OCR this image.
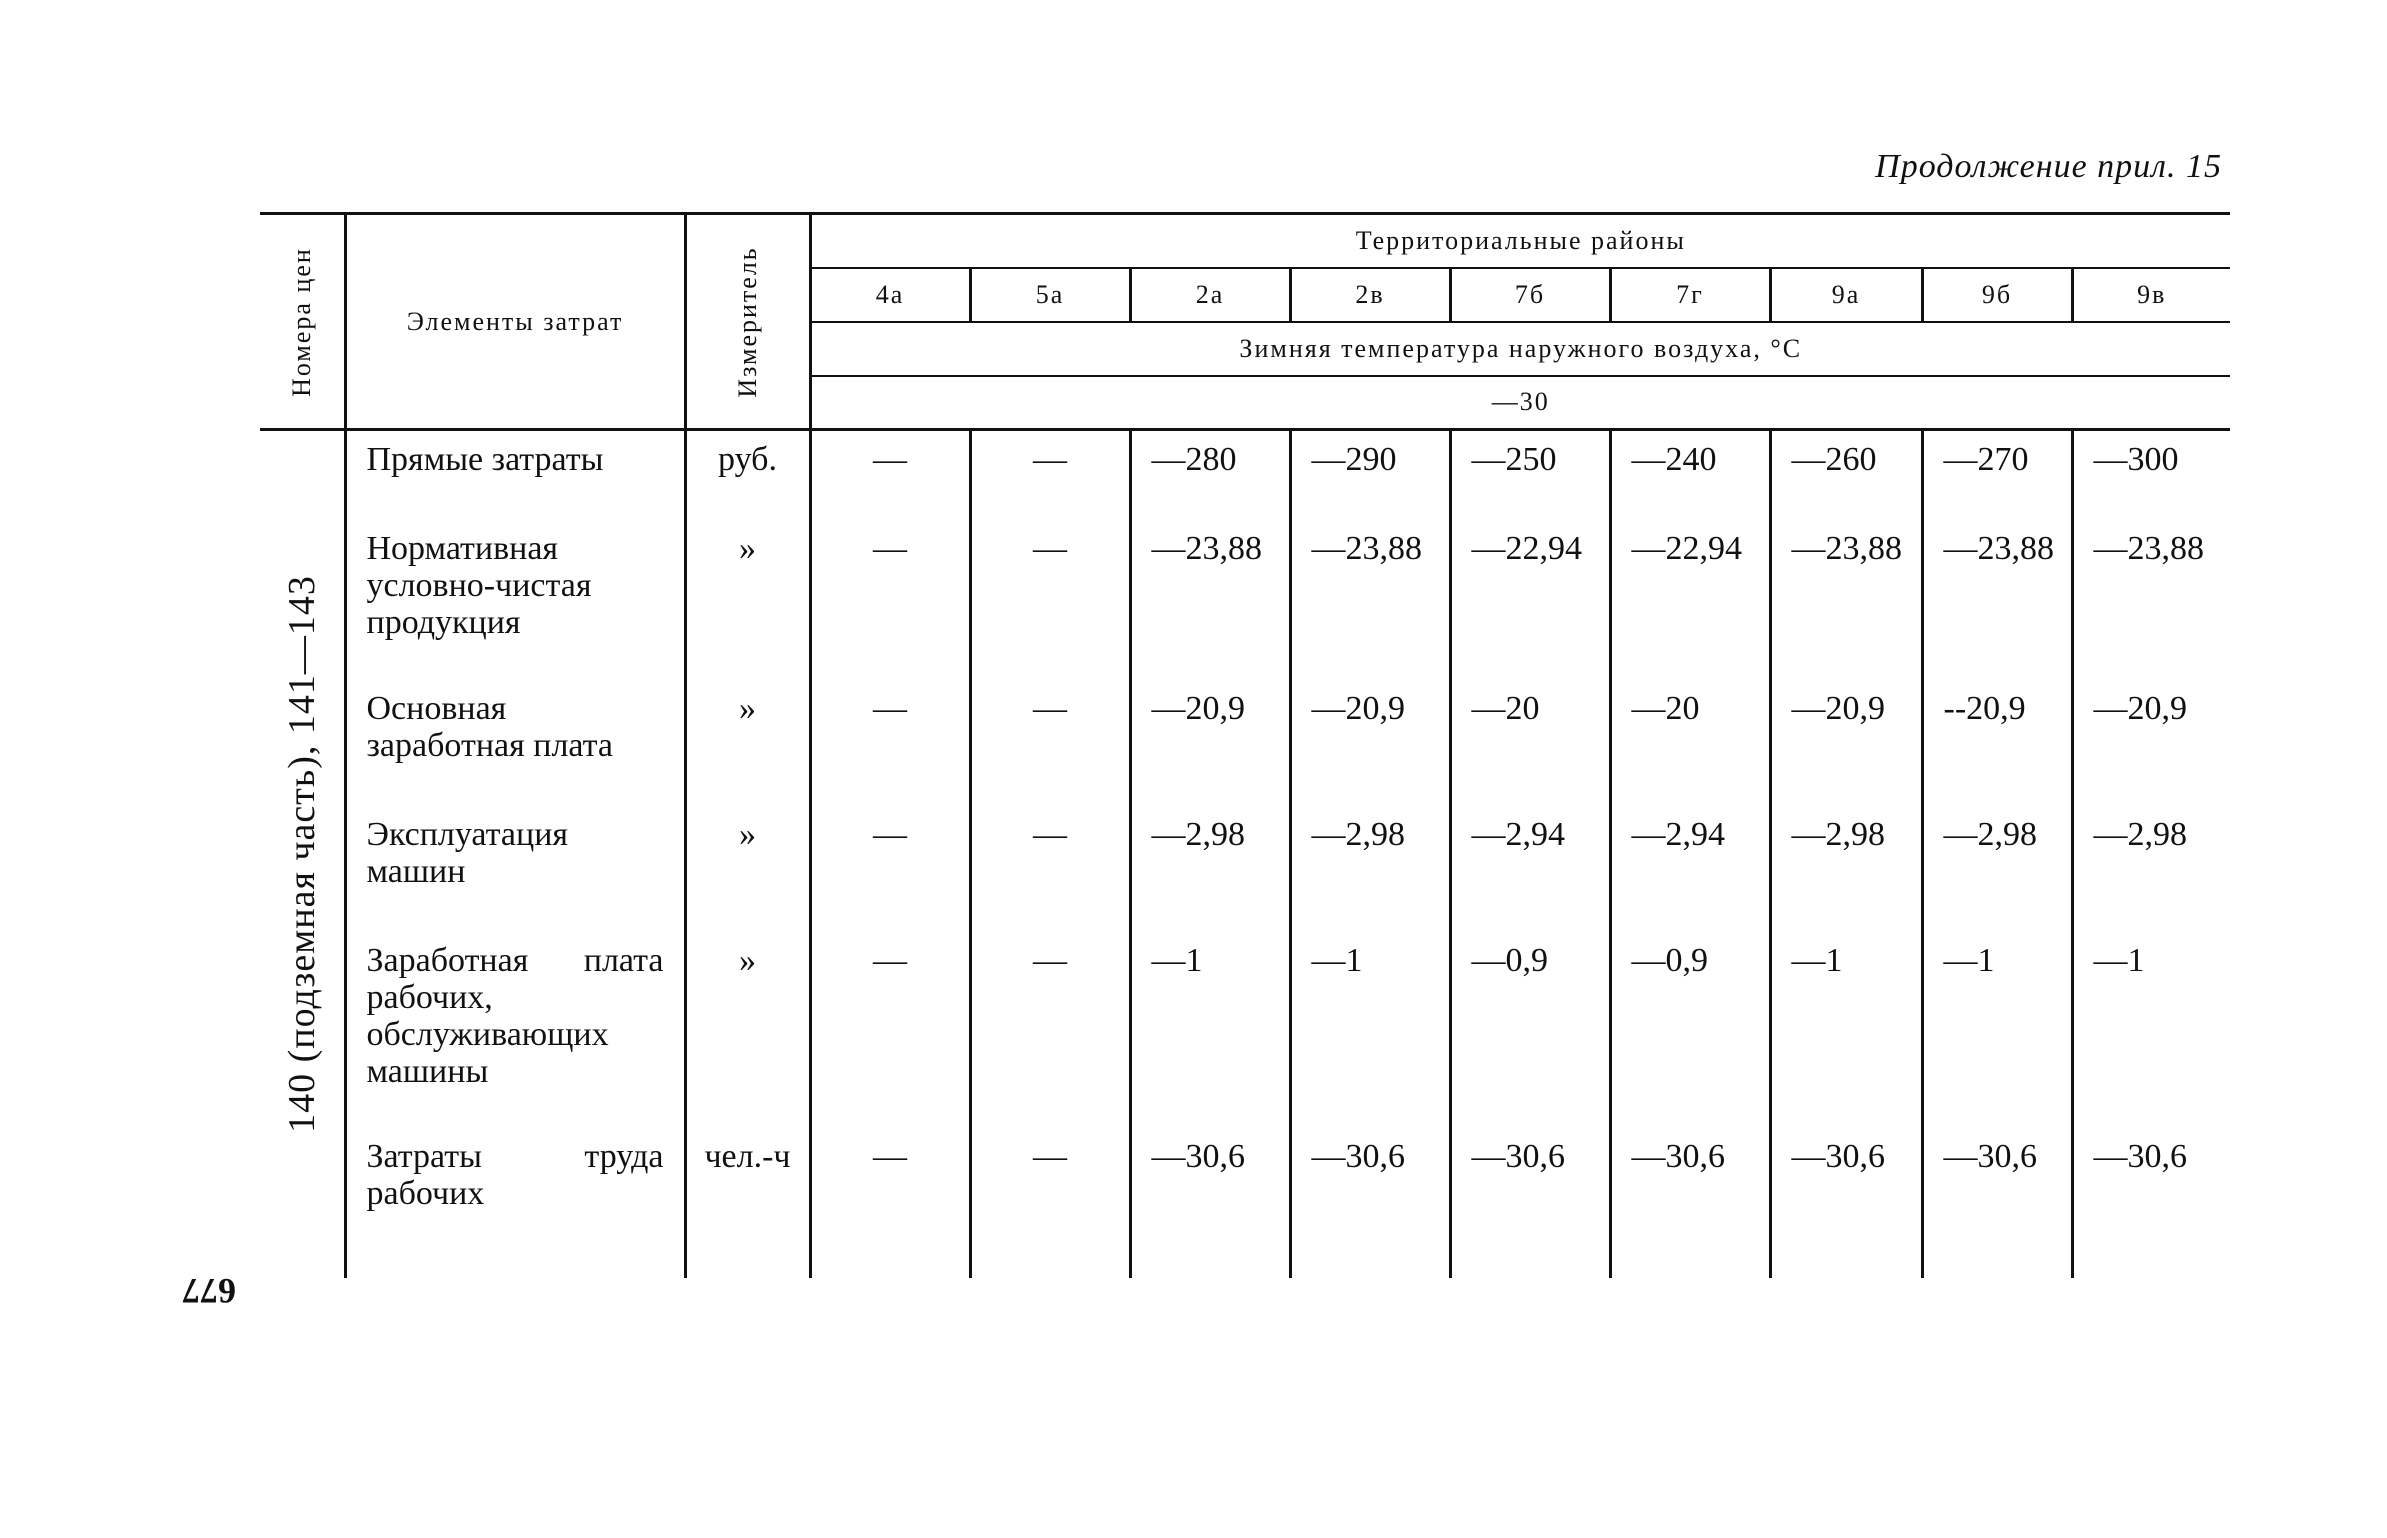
Продолжение прил. 15
677
Номера цен	Элементы затрат	Измеритель	Территориальные районы								
			4а	5а	2а	2в	7б	7г	9а	9б	9в
			Зимняя температура наружного воздуха, °С								
			—30								

140 (подземная часть), 141—143	Прямые затраты	руб.	—	—	—280	—290	—250	—240	—260	—270	—300
	Нормативная условно-чистая продукция	»	—	—	—23,88	—23,88	—22,94	—22,94	—23,88	—23,88	—23,88
	Основная заработная плата	»	—	—	—20,9	—20,9	—20	—20	—20,9	--20,9	—20,9
	Эксплуатация машин	»	—	—	—2,98	—2,98	—2,94	—2,94	—2,98	—2,98	—2,98
	Заработная плата рабочих, обслуживающих машины	»	—	—	—1	—1	—0,9	—0,9	—1	—1	—1
	Затраты труда рабочих	чел.-ч	—	—	—30,6	—30,6	—30,6	—30,6	—30,6	—30,6	—30,6
